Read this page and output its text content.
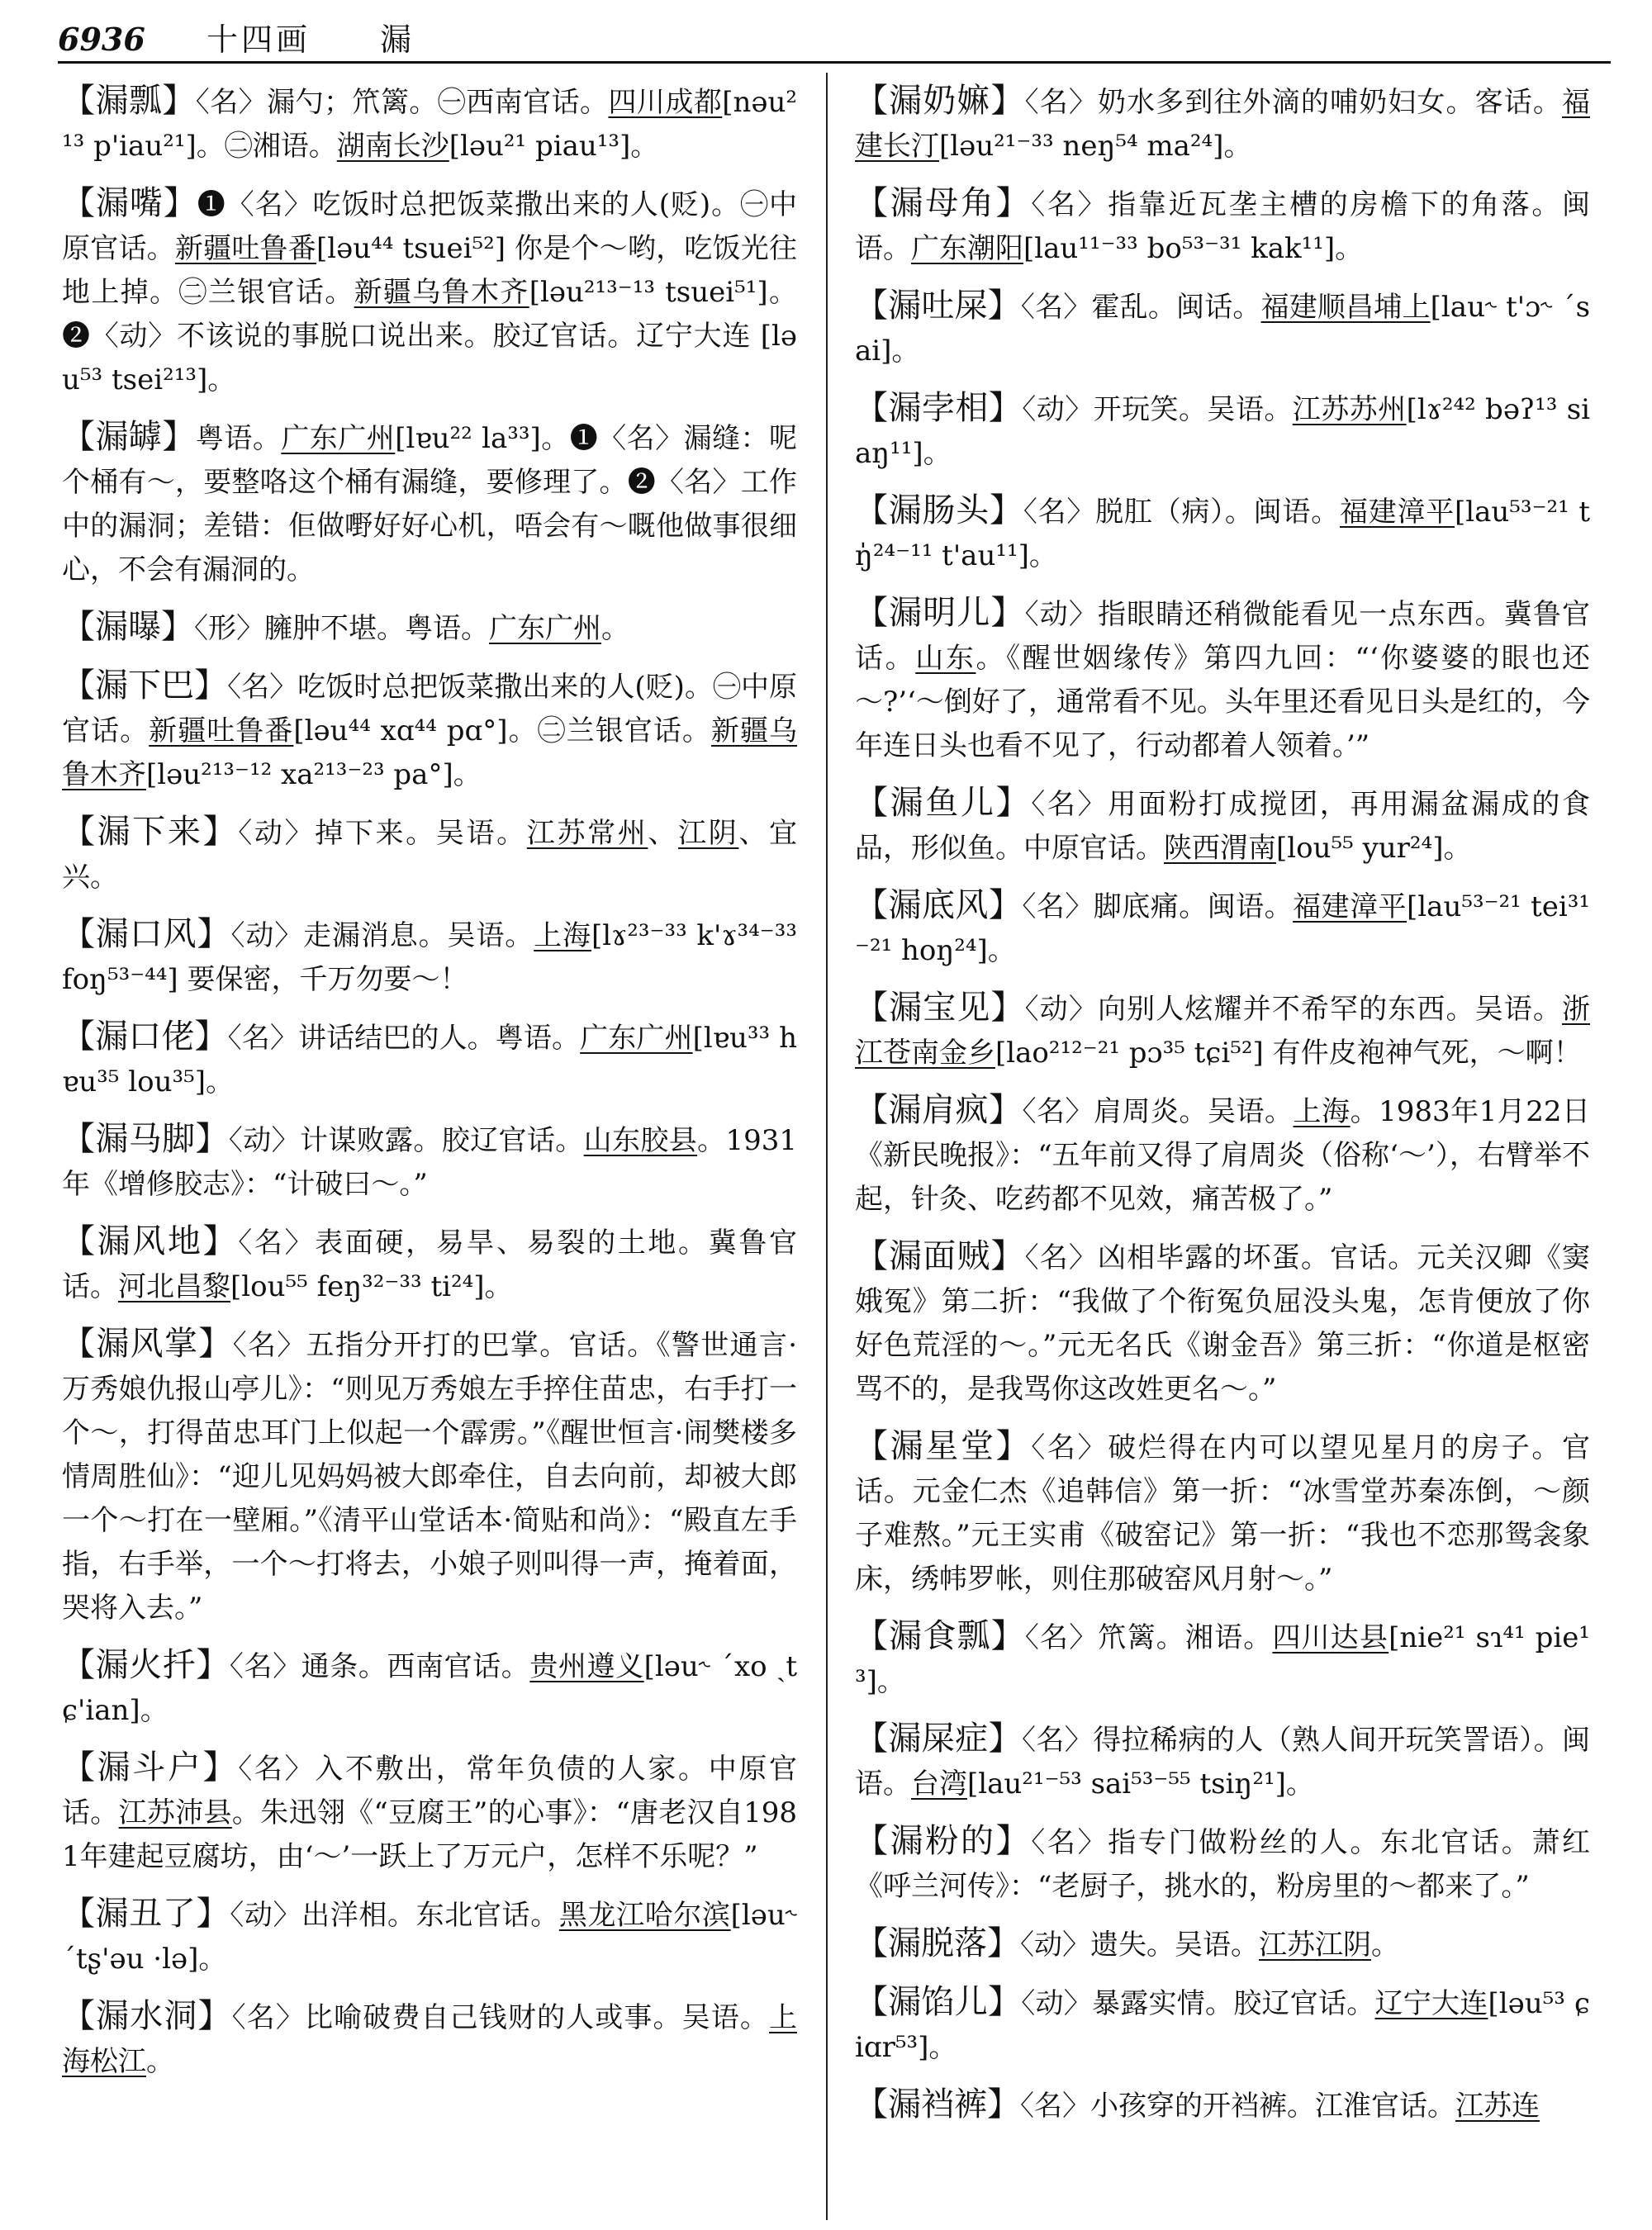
6936 十四画 漏

【漏瓢】〈名〉漏勺；笊篱。㊀西南官话。四川成都[nəu²¹³ p'iau²¹]。㊁湘语。湖南长沙[ləu²¹ piau¹³]。

【漏嘴】❶〈名〉吃饭时总把饭菜撒出来的人(贬)。㊀中原官话。新疆吐鲁番[ləu⁴⁴ tsuei⁵²] 你是个～哟，吃饭光往地上掉。㊁兰银官话。新疆乌鲁木齐[ləu²¹³⁻¹³ tsuei⁵¹]。❷〈动〉不该说的事脱口说出来。胶辽官话。辽宁大连 [ləu⁵³ tsei²¹³]。

【漏罅】粤语。广东广州[lɐu²² la³³]。❶〈名〉漏缝：呢个桶有～，要整咯这个桶有漏缝，要修理了。❷〈名〉工作中的漏洞；差错：佢做嘢好好心机，唔会有～嘅他做事很细心，不会有漏洞的。

【漏曝】〈形〉臃肿不堪。粤语。广东广州。

【漏下巴】〈名〉吃饭时总把饭菜撒出来的人(贬)。㊀中原官话。新疆吐鲁番[ləu⁴⁴ xɑ⁴⁴ pɑ°]。㊁兰银官话。新疆乌鲁木齐[ləu²¹³⁻¹² xa²¹³⁻²³ pa°]。

【漏下来】〈动〉掉下来。吴语。江苏常州、江阴、宜兴。

【漏口风】〈动〉走漏消息。吴语。上海[lɤ²³⁻³³ k'ɤ³⁴⁻³³ foŋ⁵³⁻⁴⁴] 要保密，千万勿要～！

【漏口佬】〈名〉讲话结巴的人。粤语。广东广州[lɐu³³ hɐu³⁵ lou³⁵]。

【漏马脚】〈动〉计谋败露。胶辽官话。山东胶县。1931年《增修胶志》：“计破曰～。”

【漏风地】〈名〉表面硬，易旱、易裂的土地。冀鲁官话。河北昌黎[lou⁵⁵ feŋ³²⁻³³ ti²⁴]。

【漏风掌】〈名〉五指分开打的巴掌。官话。《警世通言·万秀娘仇报山亭儿》：“则见万秀娘左手捽住苗忠，右手打一个～，打得苗忠耳门上似起一个霹雳。”《醒世恒言·闹樊楼多情周胜仙》：“迎儿见妈妈被大郎牵住，自去向前，却被大郎一个～打在一壁厢。”《清平山堂话本·简贴和尚》：“殿直左手指，右手举，一个～打将去，小娘子则叫得一声，掩着面，哭将入去。”

【漏火扦】〈名〉通条。西南官话。贵州遵义[ləu˞ ˊxo ˏtɕ'ian]。

【漏斗户】〈名〉入不敷出，常年负债的人家。中原官话。江苏沛县。朱迅翎《“豆腐王”的心事》：“唐老汉自1981年建起豆腐坊，由‘～’一跃上了万元户，怎样不乐呢？”

【漏丑了】〈动〉出洋相。东北官话。黑龙江哈尔滨[ləu˞ ˊtʂ'əu ·lə]。

【漏水洞】〈名〉比喻破费自己钱财的人或事。吴语。上海松江。

【漏奶嫲】〈名〉奶水多到往外滴的哺奶妇女。客话。福建长汀[ləu²¹⁻³³ neŋ⁵⁴ ma²⁴]。

【漏母角】〈名〉指靠近瓦垄主槽的房檐下的角落。闽语。广东潮阳[lau¹¹⁻³³ bo⁵³⁻³¹ kak¹¹]。

【漏吐屎】〈名〉霍乱。闽话。福建顺昌埔上[lau˞ t'ɔ˞ ˊsai]。

【漏孛相】〈动〉开玩笑。吴语。江苏苏州[lɤ²⁴² bəʔ¹³ siaŋ¹¹]。

【漏肠头】〈名〉脱肛（病）。闽语。福建漳平[lau⁵³⁻²¹ tŋ̍²⁴⁻¹¹ t'au¹¹]。

【漏明儿】〈动〉指眼睛还稍微能看见一点东西。冀鲁官话。山东。《醒世姻缘传》第四九回：“‘你婆婆的眼也还～?’‘～倒好了，通常看不见。头年里还看见日头是红的，今年连日头也看不见了，行动都着人领着。’”

【漏鱼儿】〈名〉用面粉打成搅团，再用漏盆漏成的食品，形似鱼。中原官话。陕西渭南[lou⁵⁵ yur²⁴]。

【漏底风】〈名〉脚底痛。闽语。福建漳平[lau⁵³⁻²¹ tei³¹⁻²¹ hoŋ²⁴]。

【漏宝见】〈动〉向别人炫耀并不希罕的东西。吴语。浙江苍南金乡[lao²¹²⁻²¹ pɔ³⁵ tɕi⁵²] 有件皮袍神气死，～啊！

【漏肩疯】〈名〉肩周炎。吴语。上海。1983年1月22日《新民晚报》：“五年前又得了肩周炎（俗称‘～’），右臂举不起，针灸、吃药都不见效，痛苦极了。”

【漏面贼】〈名〉凶相毕露的坏蛋。官话。元关汉卿《窦娥冤》第二折：“我做了个衔冤负屈没头鬼，怎肯便放了你好色荒淫的～。”元无名氏《谢金吾》第三折：“你道是枢密骂不的，是我骂你这改姓更名～。”

【漏星堂】〈名〉破烂得在内可以望见星月的房子。官话。元金仁杰《追韩信》第一折：“冰雪堂苏秦冻倒，～颜子难熬。”元王实甫《破窑记》第一折：“我也不恋那鸳衾象床，绣帏罗帐，则住那破窑风月射～。”

【漏食瓢】〈名〉笊篱。湘语。四川达县[nie²¹ sɿ⁴¹ pie¹³]。

【漏屎症】〈名〉得拉稀病的人（熟人间开玩笑詈语）。闽语。台湾[lau²¹⁻⁵³ sai⁵³⁻⁵⁵ tsiŋ²¹]。

【漏粉的】〈名〉指专门做粉丝的人。东北官话。萧红《呼兰河传》：“老厨子，挑水的，粉房里的～都来了。”

【漏脱落】〈动〉遗失。吴语。江苏江阴。

【漏馅儿】〈动〉暴露实情。胶辽官话。辽宁大连[ləu⁵³ ɕiɑr⁵³]。

【漏裆裤】〈名〉小孩穿的开裆裤。江淮官话。江苏连
